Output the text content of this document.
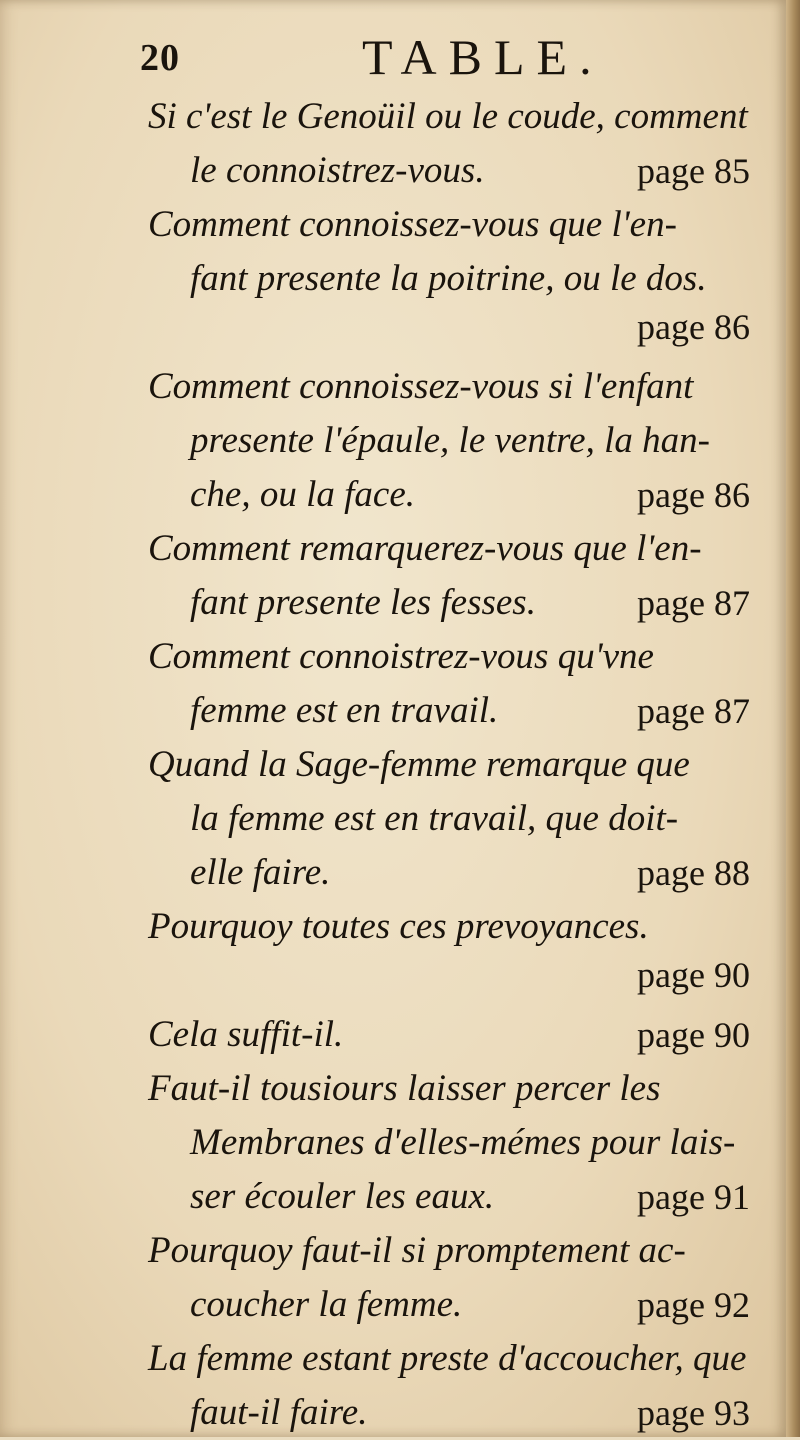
20	TABLE.
Si c'est le Genoüil ou le coude, comment
le connoistrez-vous.	page 85
Comment connoissez-vous que l'en-
fant presente la poitrine, ou le dos.
page 86
Comment connoissez-vous si l'enfant
presente l'épaule, le ventre, la han-
che, ou la face.	page 86
Comment remarquerez-vous que l'en-
fant presente les fesses.	page 87
Comment connoistrez-vous qu'vne
femme est en travail.	page 87
Quand la Sage-femme remarque que
la femme est en travail, que doit-
elle faire.	page 88
Pourquoy toutes ces prevoyances.
page 90
Cela suffit-il.	page 90
Faut-il tousiours laisser percer les
Membranes d'elles-mémes pour lais-
ser écouler les eaux.	page 91
Pourquoy faut-il si promptement ac-
coucher la femme.	page 92
La femme estant preste d'accoucher, que
faut-il faire.	page 93
